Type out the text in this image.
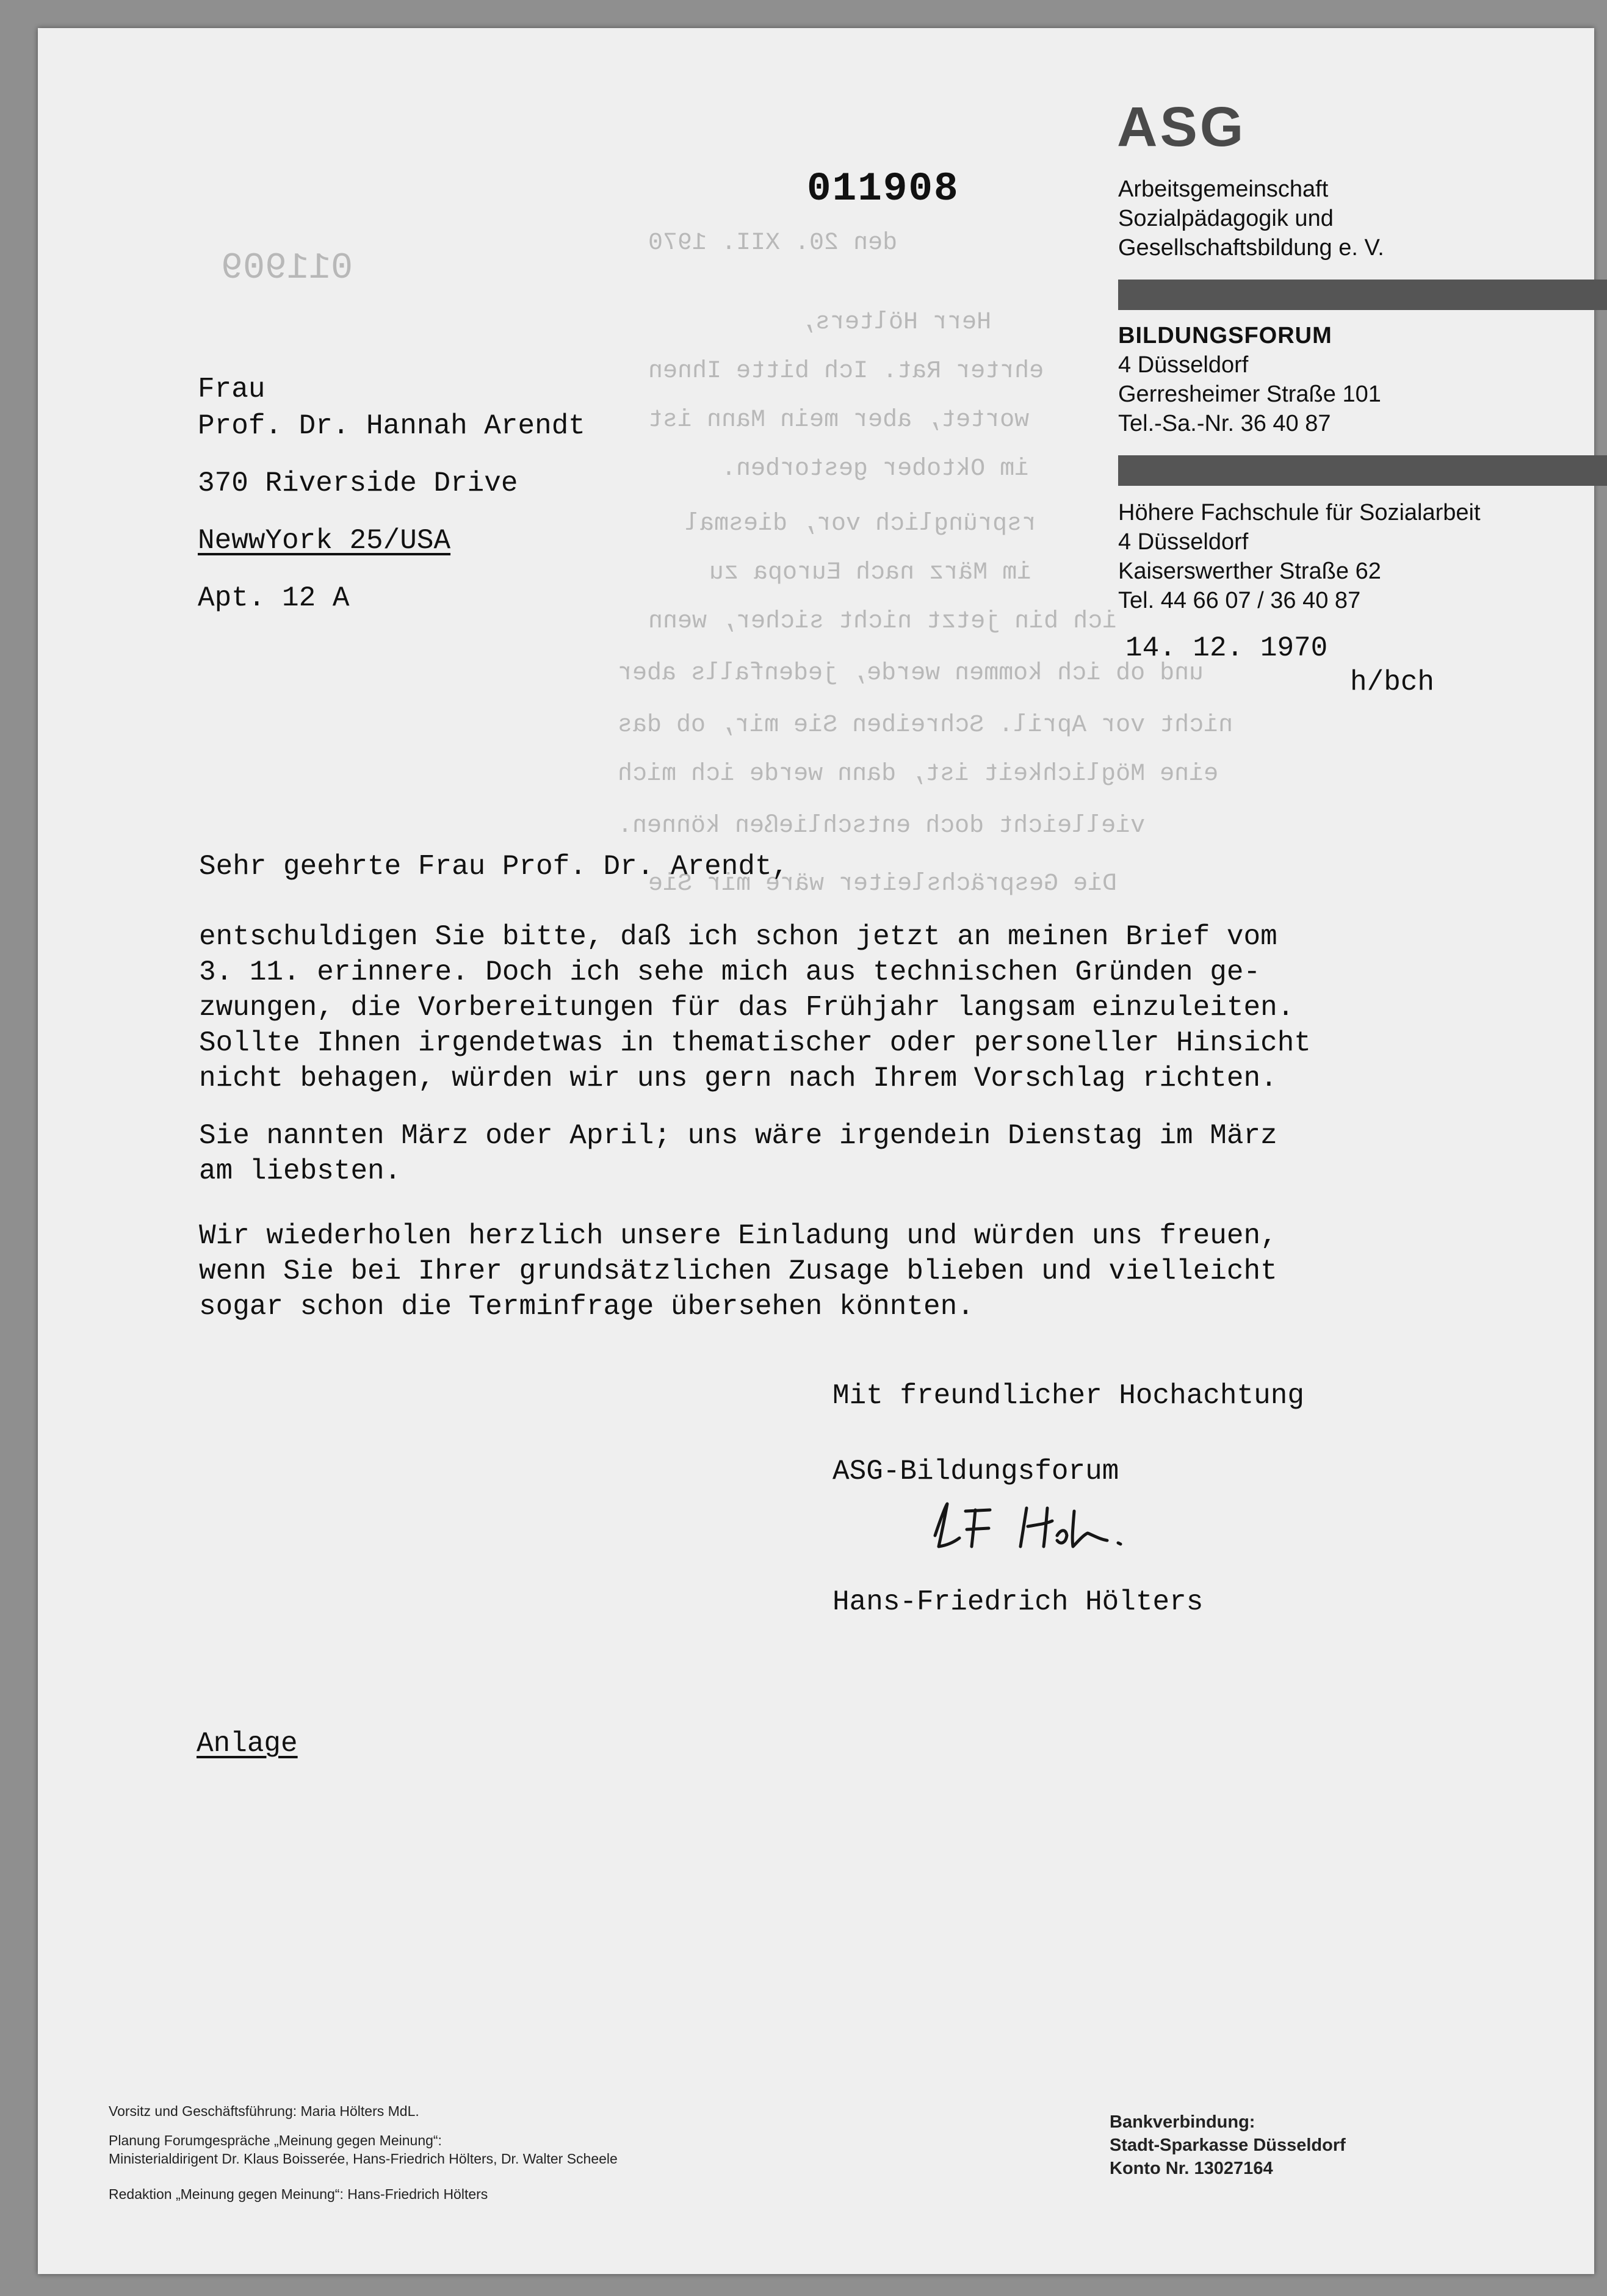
011909
den 20. XII. 1970
Herr Hölters,
ehrter Rat. Ich bitte Ihnen
wortet, aber mein Mann ist
im Oktober gestorben.
rsprünglich vor, diesmal
im März nach Europa zu
ich bin jetzt nicht sicher, wenn
und ob ich kommen werde, jedenfalls aber
nicht vor April. Schreiben Sie mir, ob das
eine Möglichkeit ist, dann werde ich mich
vielleicht doch entschließen können.
Die Gesprächsleiter wäre mir Sie
011908
ASG
Arbeitsgemeinschaft
Sozialpädagogik und
Gesellschaftsbildung e. V.
BILDUNGSFORUM
4 Düsseldorf
Gerresheimer Straße 101
Tel.-Sa.-Nr. 36 40 87
Höhere Fachschule für Sozialarbeit
4 Düsseldorf
Kaiserswerther Straße 62
Tel. 44 66 07 / 36 40 87
14. 12. 1970
h/bch
Frau
Prof. Dr. Hannah Arendt
370 Riverside Drive
NewwYork 25/USA
Apt. 12 A
Sehr geehrte Frau Prof. Dr. Arendt,
entschuldigen Sie bitte, daß ich schon jetzt an meinen Brief vom
3. 11. erinnere. Doch ich sehe mich aus technischen Gründen ge-
zwungen, die Vorbereitungen für das Frühjahr langsam einzuleiten.
Sollte Ihnen irgendetwas in thematischer oder personeller Hinsicht
nicht behagen, würden wir uns gern nach Ihrem Vorschlag richten.
Sie nannten März oder April; uns wäre irgendein Dienstag im März
am liebsten.
Wir wiederholen herzlich unsere Einladung und würden uns freuen,
wenn Sie bei Ihrer grundsätzlichen Zusage blieben und vielleicht
sogar schon die Terminfrage übersehen könnten.
Mit freundlicher Hochachtung
ASG-Bildungsforum
Hans-Friedrich Hölters
Anlage
Vorsitz und Geschäftsführung: Maria Hölters MdL.
Planung Forumgespräche „Meinung gegen Meinung“:
Ministerialdirigent Dr. Klaus Boisserée, Hans-Friedrich Hölters, Dr. Walter Scheele
Redaktion „Meinung gegen Meinung“: Hans-Friedrich Hölters
Bankverbindung:
Stadt-Sparkasse Düsseldorf
Konto Nr. 13027164
